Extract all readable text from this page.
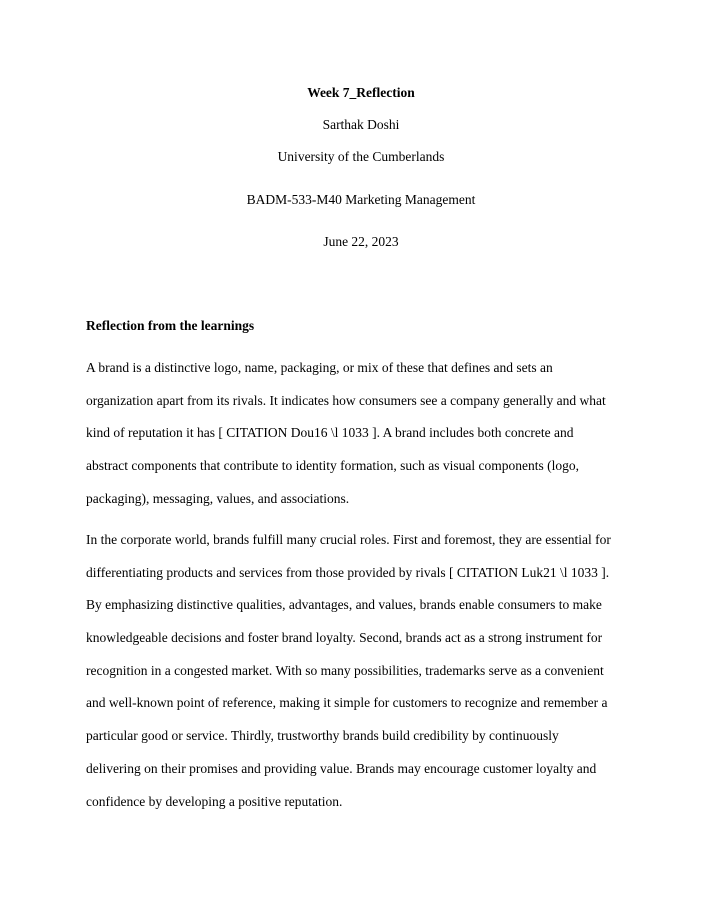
Week 7_Reflection
Sarthak Doshi
University of the Cumberlands
BADM-533-M40 Marketing Management
June 22, 2023
Reflection from the learnings
A brand is a distinctive logo, name, packaging, or mix of these that defines and sets an
organization apart from its rivals. It indicates how consumers see a company generally and what
kind of reputation it has [ CITATION Dou16 \l 1033 ]. A brand includes both concrete and
abstract components that contribute to identity formation, such as visual components (logo,
packaging), messaging, values, and associations.
In the corporate world, brands fulfill many crucial roles. First and foremost, they are essential for
differentiating products and services from those provided by rivals [ CITATION Luk21 \l 1033 ].
By emphasizing distinctive qualities, advantages, and values, brands enable consumers to make
knowledgeable decisions and foster brand loyalty. Second, brands act as a strong instrument for
recognition in a congested market. With so many possibilities, trademarks serve as a convenient
and well-known point of reference, making it simple for customers to recognize and remember a
particular good or service. Thirdly, trustworthy brands build credibility by continuously
delivering on their promises and providing value. Brands may encourage customer loyalty and
confidence by developing a positive reputation.
